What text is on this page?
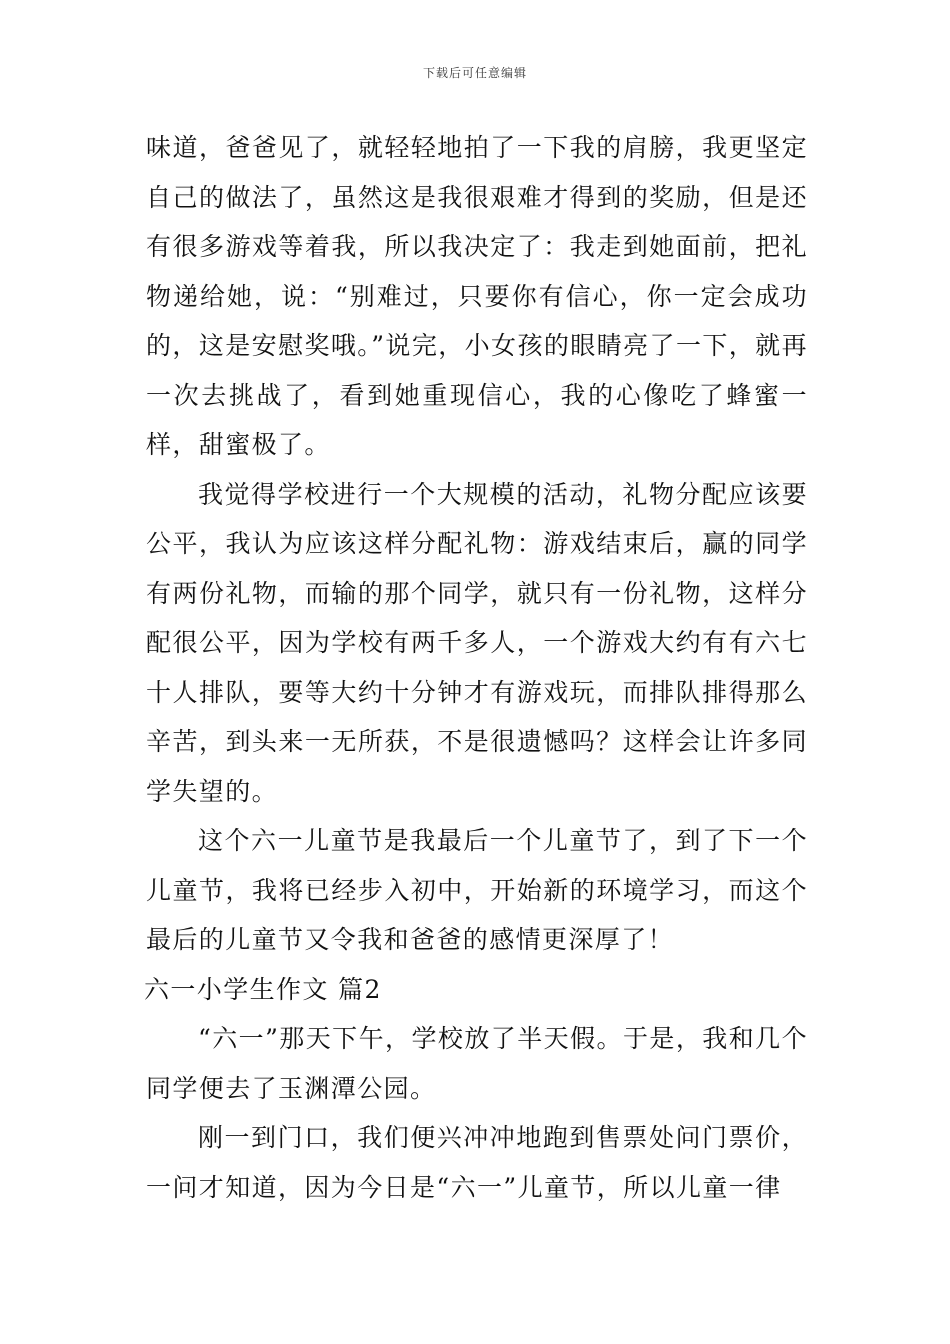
下载后可任意编辑

味道，爸爸见了，就轻轻地拍了一下我的肩膀，我更坚定自己的做法了，虽然这是我很艰难才得到的奖励，但是还有很多游戏等着我，所以我决定了：我走到她面前，把礼物递给她，说：“别难过，只要你有信心，你一定会成功的，这是安慰奖哦。”说完，小女孩的眼睛亮了一下，就再一次去挑战了，看到她重现信心，我的心像吃了蜂蜜一样，甜蜜极了。

我觉得学校进行一个大规模的活动，礼物分配应该要公平，我认为应该这样分配礼物：游戏结束后，赢的同学有两份礼物，而输的那个同学，就只有一份礼物，这样分配很公平，因为学校有两千多人，一个游戏大约有有六七十人排队，要等大约十分钟才有游戏玩，而排队排得那么辛苦，到头来一无所获，不是很遗憾吗？这样会让许多同学失望的。

这个六一儿童节是我最后一个儿童节了，到了下一个儿童节，我将已经步入初中，开始新的环境学习，而这个最后的儿童节又令我和爸爸的感情更深厚了！

六一小学生作文 篇2

“六一”那天下午，学校放了半天假。于是，我和几个同学便去了玉渊潭公园。

刚一到门口，我们便兴冲冲地跑到售票处问门票价，一问才知道，因为今日是“六一”儿童节，所以儿童一律
